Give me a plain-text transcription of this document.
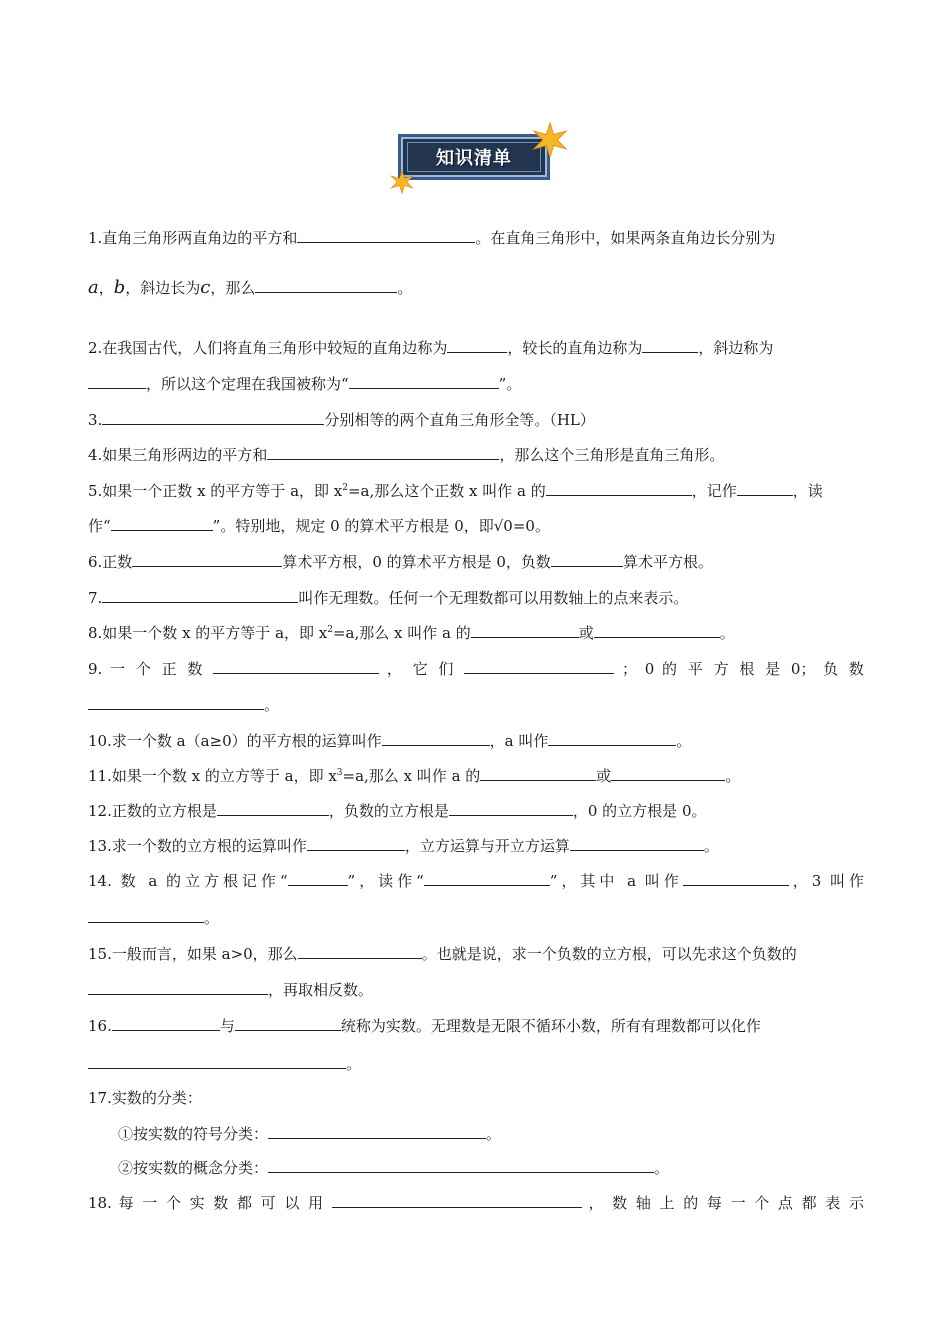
知识清单
1.直角三角形两直角边的平方和	。在直角三角形中，如果两条直角边长分别为
a，b，斜边长为c，那么	。
2.在我国古代，人们将直角三角形中较短的直角边称为	，较长的直角边称为	，斜边称为
，所以这个定理在我国被称为“	”。
3.	分别相等的两个直角三角形全等。（HL）
4.如果三角形两边的平方和	，那么这个三角形是直角三角形。
5.如果一个正数 x 的平方等于 a，即 $x^2=a$,那么这个正数 x 叫作 a 的	，记作	，读
作“	”。特别地，规定 0 的算术平方根是 0，即√0=0。
6.正数	算术平方根，0 的算术平方根是 0，负数	算术平方根。
7.	叫作无理数。任何一个无理数都可以用数轴上的点来表示。
8.如果一个数 x 的平方等于 a，即 $x^2=a$,那么 x 叫作 a 的	或	。
9. 一 个 正 数	， 它 们	； 0 的 平 方 根 是 0； 负 数
。
10.求一个数 a（a≥0）的平方根的运算叫作	，a 叫作	。
11.如果一个数 x 的立方等于 a，即 $x^3=a$,那么 x 叫作 a 的	或	。
12.正数的立方根是	，负数的立方根是	，0 的立方根是 0。
13.求一个数的立方根的运算叫作	，立方运算与开立方运算	。
14. 数 a 的立方根记作“	”，读作“	”，其中 a 叫作	，3 叫作
。
15.一般而言，如果 a>0，那么	。也就是说，求一个负数的立方根，可以先求这个负数的
，再取相反数。
16.	与	统称为实数。无理数是无限不循环小数，所有有理数都可以化作
。
17.实数的分类：
①按实数的符号分类：	。
②按实数的概念分类：	。
18. 每 一 个 实 数 都 可 以 用	， 数 轴 上 的 每 一 个 点 都 表 示
